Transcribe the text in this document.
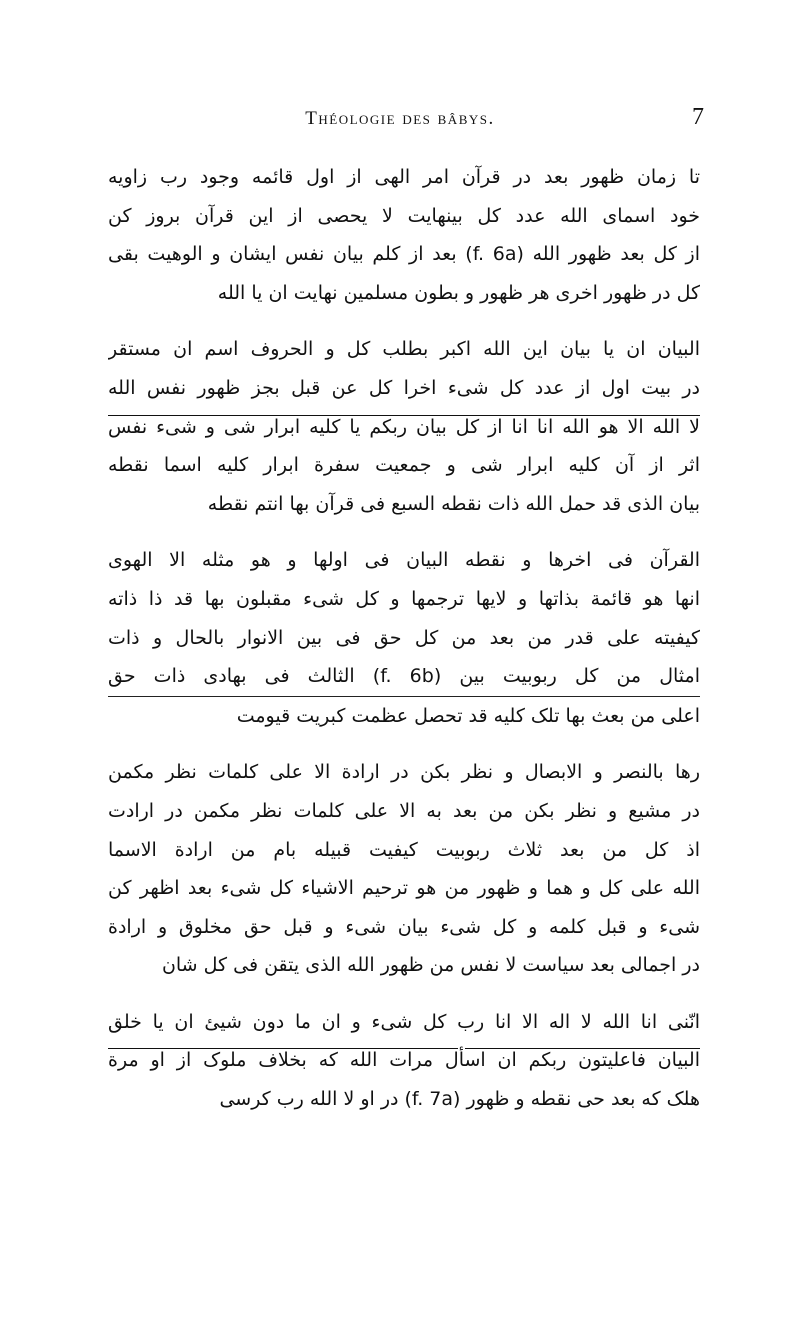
Théologie des bâbys.	7
تا زمان ظهور بعد در قرآن امر الهی از اول قائمه وجود رب زاویه
خود اسمای الله عدد کل بینهایت لا یحصی از این قرآن بروز کن
از کل بعد ظهور الله (f. 6a) بعد از کلم بیان نفس ایشان و الوهیت بقی
کل در ظهور اخرى هر ظهور و بطون مسلمین نهایت ان یا الله
البیان ان یا بیان این الله اکبر بطلب کل و الحروف اسم ان مستقر
در بیت اول از عدد کل شیء اخرا کل عن قبل بجز ظهور نفس الله
لا الله الا هو الله انا انا از کل بیان ربکم یا کلیه ابرار شی و شیء نفس
اثر از آن کلیه ابرار شی و جمعیت سفرة ابرار کلیه اسما نقطه
بیان الذی قد حمل الله ذات نقطه السبع فی قرآن بها انتم نقطه
القرآن فی اخرها و نقطه البیان فی اولها و هو مثله الا الهوی
انها هو قائمة بذاتها و لایها ترجمها و کل شیء مقبلون بها قد ذا ذاته
کیفیته علی قدر من بعد من کل حق فی بین الانوار بالحال و ذات
امثال من کل ربوبیت بین (f. 6b) الثالث فی بهادی ذات حق
اعلی من بعث بها تلک کلیه قد تحصل عظمت کبریت قیومت
رها بالنصر و الابصال و نظر بکن در ارادة الا علی کلمات نظر مکمن
در مشیع و نظر بکن من بعد به الا علی کلمات نظر مکمن در ارادت
اذ کل من بعد ثلاث ربوبیت کیفیت قبیله بام من ارادة الاسما
الله علی کل و هما و ظهور من هو ترحیم الاشیاء کل شیء بعد اظهر کن
شیء و قبل کلمه و کل شیء بیان شیء و قبل حق مخلوق و ارادة
در اجمالی بعد سیاست لا نفس من ظهور الله الذی یتقن فی کل شان
انّنى انا الله لا اله الا انا رب کل شیء و ان ما دون شیئ ان یا خلق
البیان فاعلیتون ربکم ان اسأل مرات الله که بخلاف ملوک از او مرة
هلک که بعد حی نقطه و ظهور (f. 7a) در او لا الله رب کرسی
